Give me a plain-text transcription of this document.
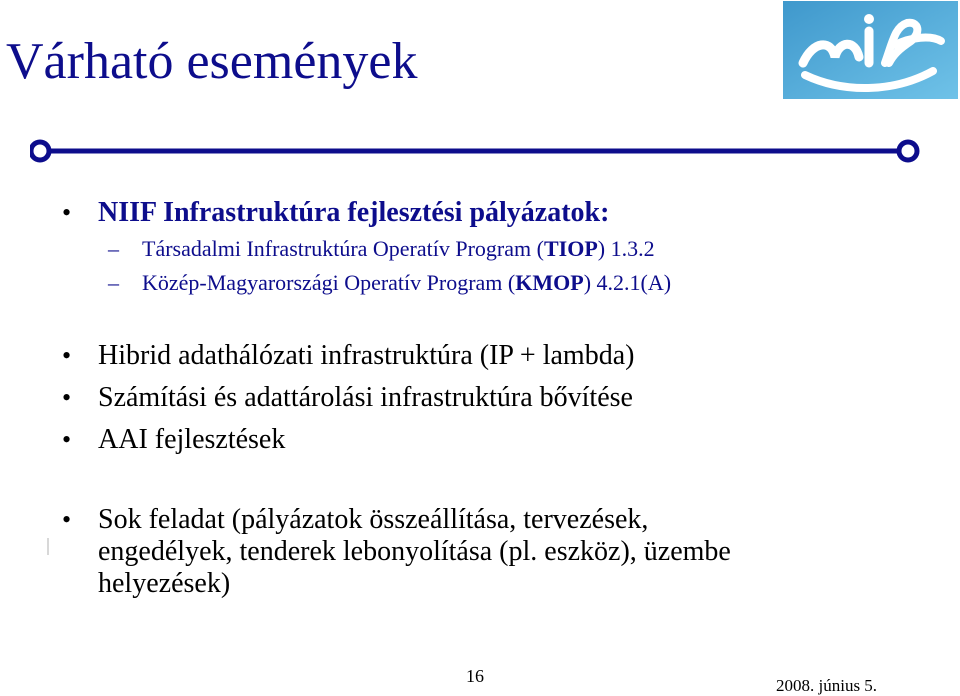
Várható események
• NIIF Infrastruktúra fejlesztési pályázatok:
– Társadalmi Infrastruktúra Operatív Program (TIOP) 1.3.2
– Közép-Magyarországi Operatív Program (KMOP) 4.2.1(A)
• Hibrid adathálózati infrastruktúra (IP + lambda)
• Számítási és adattárolási infrastruktúra bővítése
• AAI fejlesztések
• Sok feladat (pályázatok összeállítása, tervezések,
engedélyek, tenderek lebonyolítása (pl. eszköz), üzembe
helyezések)
16	2008. június 5.
